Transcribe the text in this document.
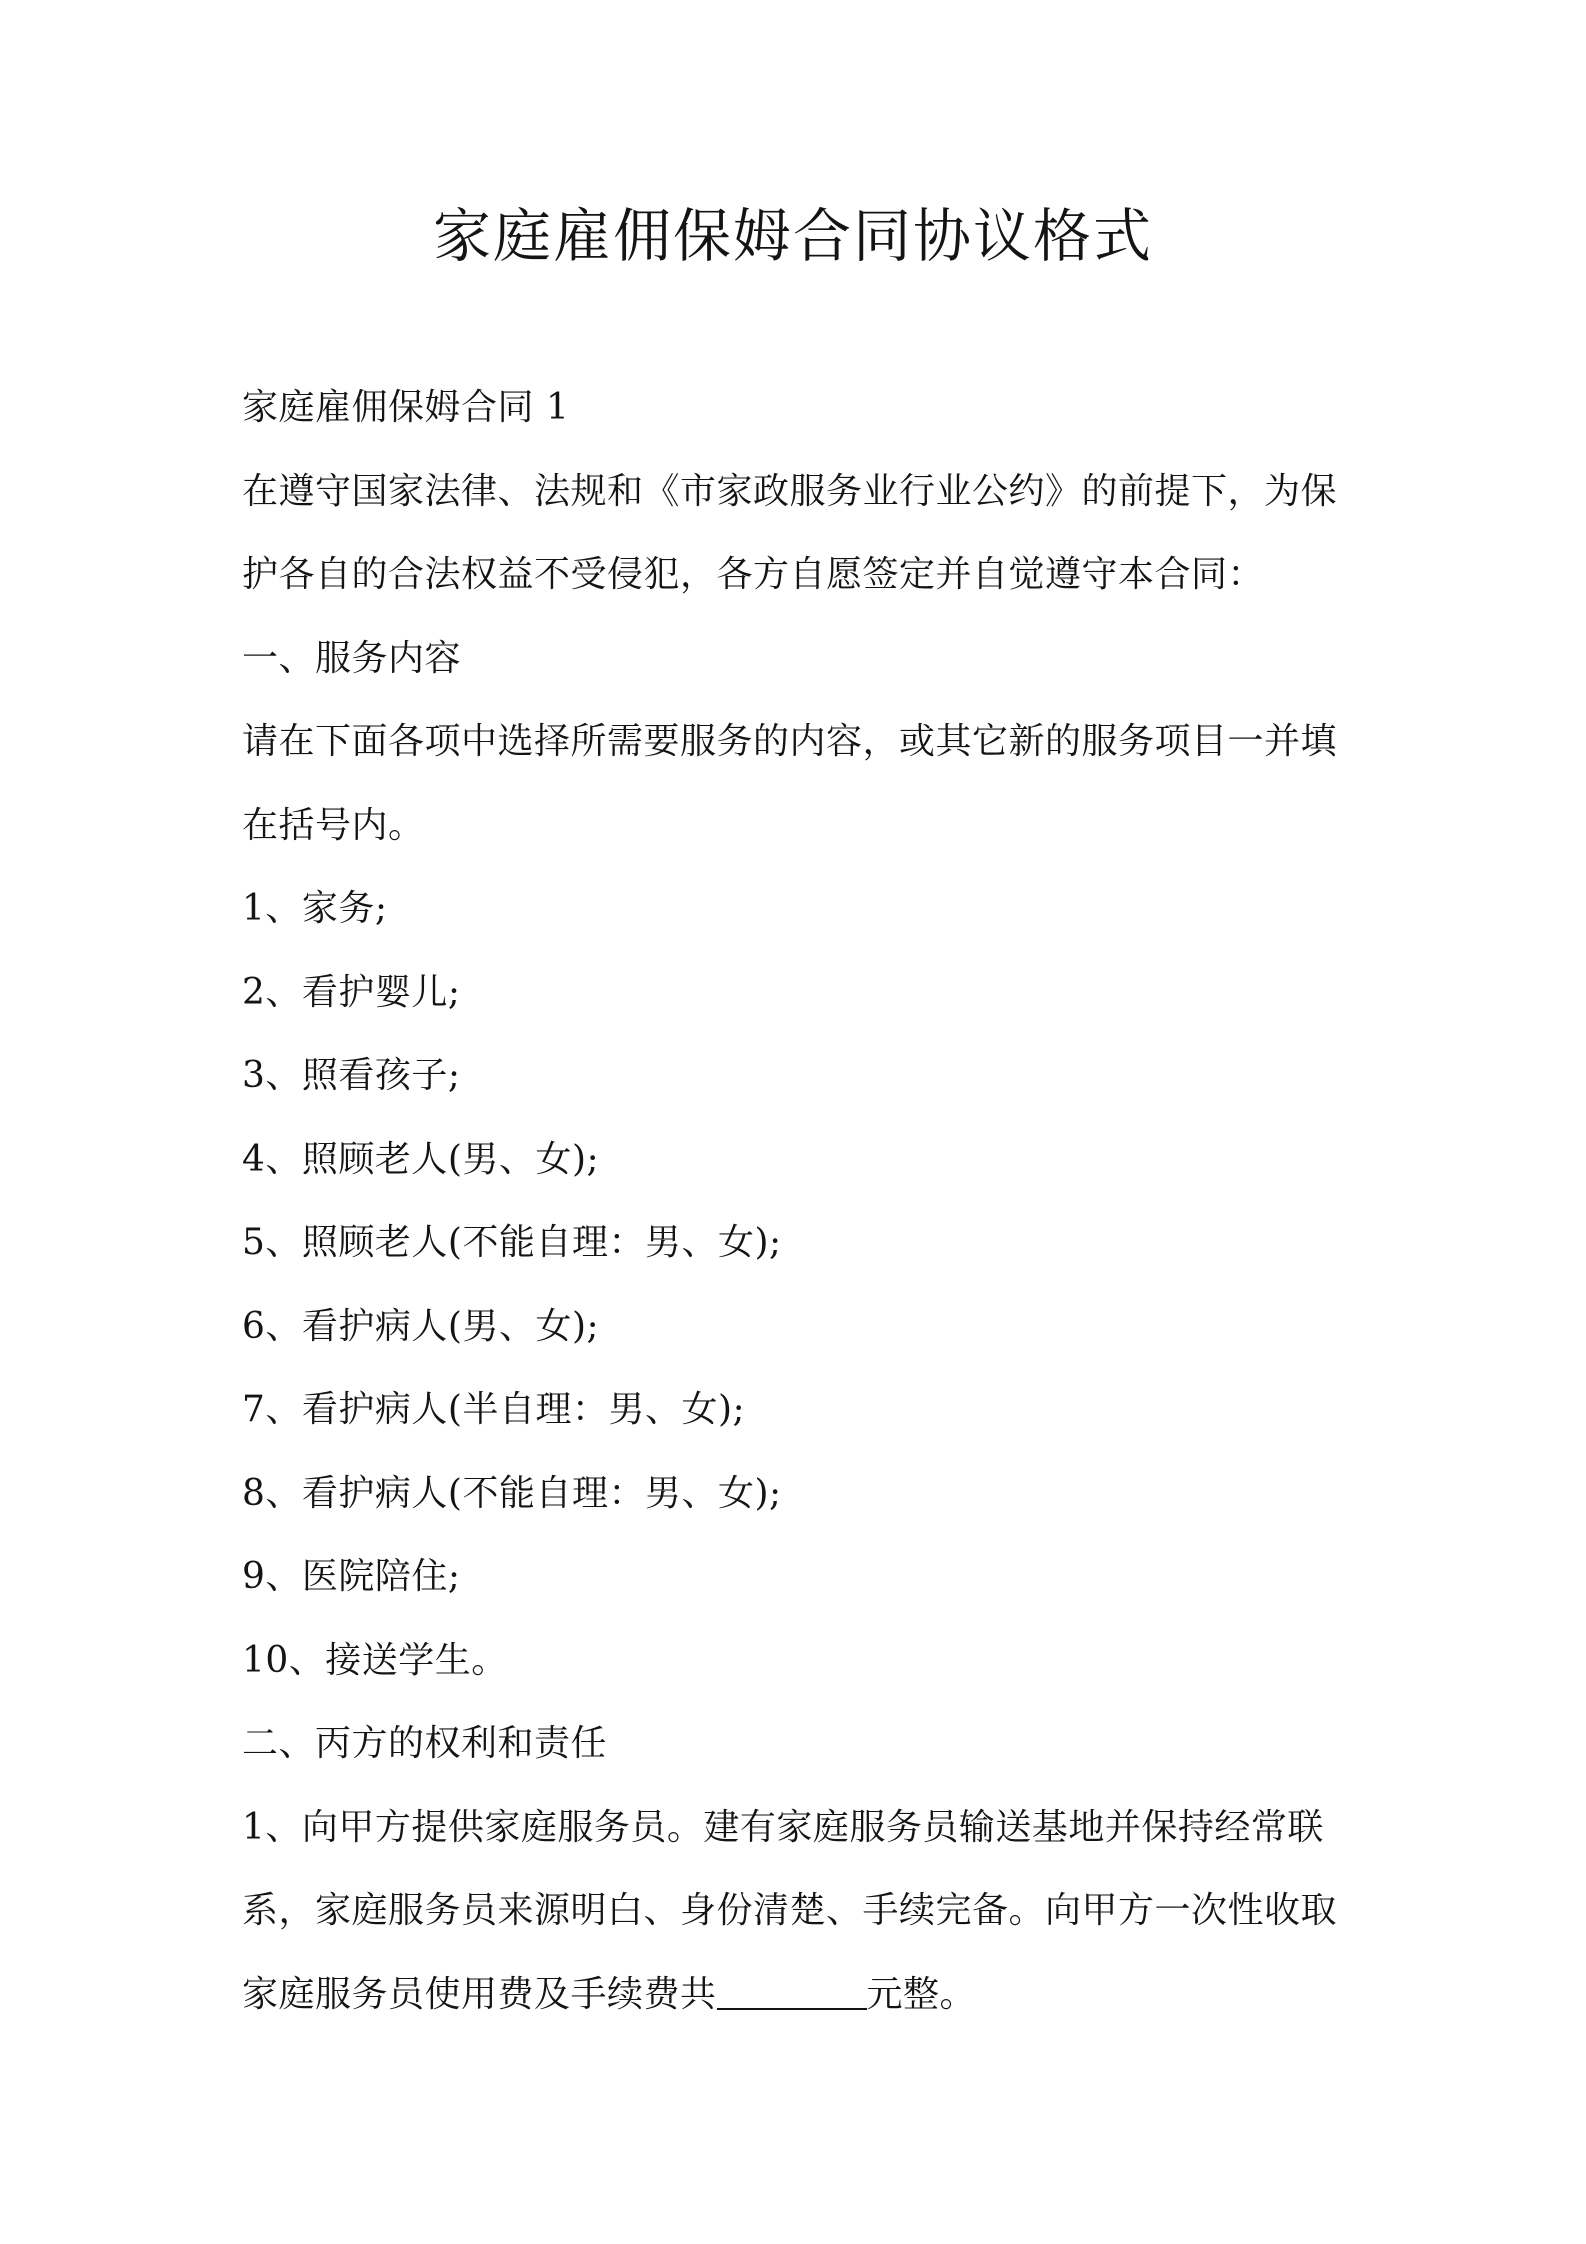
家庭雇佣保姆合同协议格式
家庭雇佣保姆合同 1
在遵守国家法律、法规和《市家政服务业行业公约》的前提下，为保
护各自的合法权益不受侵犯，各方自愿签定并自觉遵守本合同：
一、服务内容
请在下面各项中选择所需要服务的内容，或其它新的服务项目一并填
在括号内。
1、家务;
2、看护婴儿;
3、照看孩子;
4、照顾老人(男、女);
5、照顾老人(不能自理：男、女);
6、看护病人(男、女);
7、看护病人(半自理：男、女);
8、看护病人(不能自理：男、女);
9、医院陪住;
10、接送学生。
二、丙方的权利和责任
1、向甲方提供家庭服务员。建有家庭服务员输送基地并保持经常联
系，家庭服务员来源明白、身份清楚、手续完备。向甲方一次性收取
家庭服务员使用费及手续费共	元整。
